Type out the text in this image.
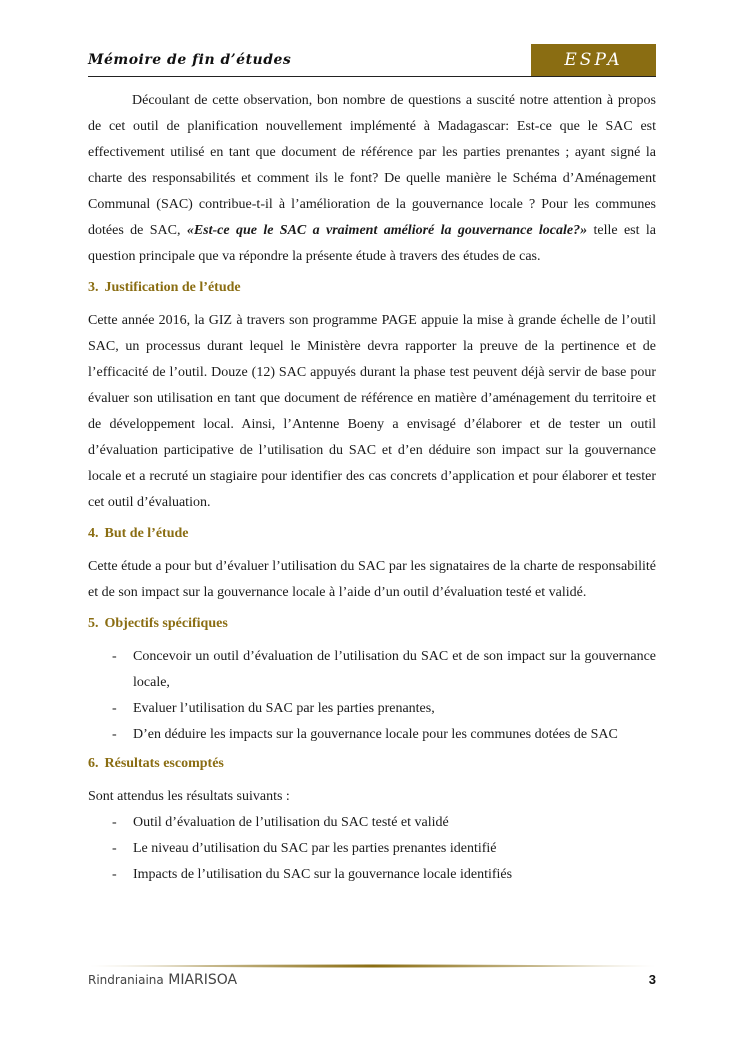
Mémoire de fin d’études	ESPA

Découlant de cette observation, bon nombre de questions a suscité notre attention à propos de cet outil de planification nouvellement implémenté à Madagascar: Est-ce que le SAC est effectivement utilisé en tant que document de référence par les parties prenantes ; ayant signé la charte des responsabilités et comment ils le font? De quelle manière le Schéma d’Aménagement Communal (SAC) contribue-t-il à l’amélioration de la gouvernance locale ? Pour les communes dotées de SAC, «Est-ce que le SAC a vraiment amélioré la gouvernance locale?» telle est la question principale que va répondre la présente étude à travers des études de cas.

3. Justification de l’étude

Cette année 2016, la GIZ à travers son programme PAGE appuie la mise à grande échelle de l’outil SAC, un processus durant lequel le Ministère devra rapporter la preuve de la pertinence et de l’efficacité de l’outil. Douze (12) SAC appuyés durant la phase test peuvent déjà servir de base pour évaluer son utilisation en tant que document de référence en matière d’aménagement du territoire et de développement local. Ainsi, l’Antenne Boeny a envisagé d’élaborer et de tester un outil d’évaluation participative de l’utilisation du SAC et d’en déduire son impact sur la gouvernance locale et a recruté un stagiaire pour identifier des cas concrets d’application et pour élaborer et tester cet outil d’évaluation.

4. But de l’étude

Cette étude a pour but d’évaluer l’utilisation du SAC par les signataires de la charte de responsabilité et de son impact sur la gouvernance locale à l’aide d’un outil d’évaluation testé et validé.

5. Objectifs spécifiques
- Concevoir un outil d’évaluation de l’utilisation du SAC et de son impact sur la gouvernance locale,
- Evaluer l’utilisation du SAC par les parties prenantes,
- D’en déduire les impacts sur la gouvernance locale pour les communes dotées de SAC
6. Résultats escomptés

Sont attendus les résultats suivants :

- Outil d’évaluation de l’utilisation du SAC testé et validé
- Le niveau d’utilisation du SAC par les parties prenantes identifié
- Impacts de l’utilisation du SAC sur la gouvernance locale identifiés
Rindraniaina MIARISOA	3
